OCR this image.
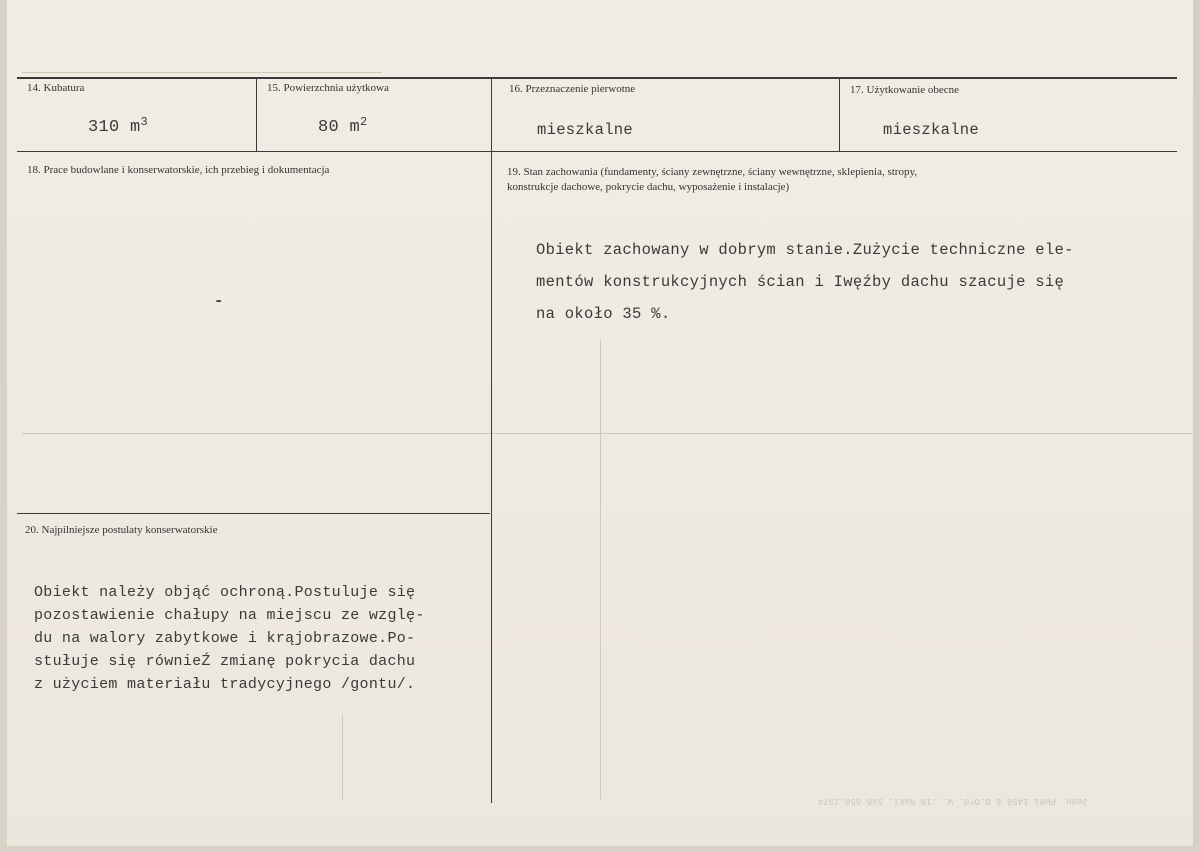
14. Kubatura
310 $m^3$
15. Powierzchnia użytkowa
80 $m^2$
16. Przeznaczenie pierwotne
mieszkalne
17. Użytkowanie obecne
mieszkalne
18. Prace budowlane i konserwatorskie, ich przebieg i dokumentacja
-
19. Stan zachowania (fundamenty, ściany zewnętrzne, ściany wewnętrzne, sklepienia, stropy,
konstrukcje dachowe, pokrycie dachu, wyposażenie i instalacje)
Obiekt zachowany w dobrym stanie.Zużycie techniczne ele-
mentów konstrukcyjnych ścian i Iwęźby dachu szacuje się
na około 35 %.
20. Najpilniejsze postulaty konserwatorskie
Obiekt należy objąć ochroną.Postuluje się
pozostawienie chałupy na miejscu ze wzglę-
du na walory zabytkowe i krąjobrazowe.Po-
stułuje się równieŹ zmianę pokrycia dachu
z użyciem materiału tradycyjnego /gontu/.
Jedn. PWRi 1458 & D.Ord. W...10 Nakł. 5x6 650.1974
